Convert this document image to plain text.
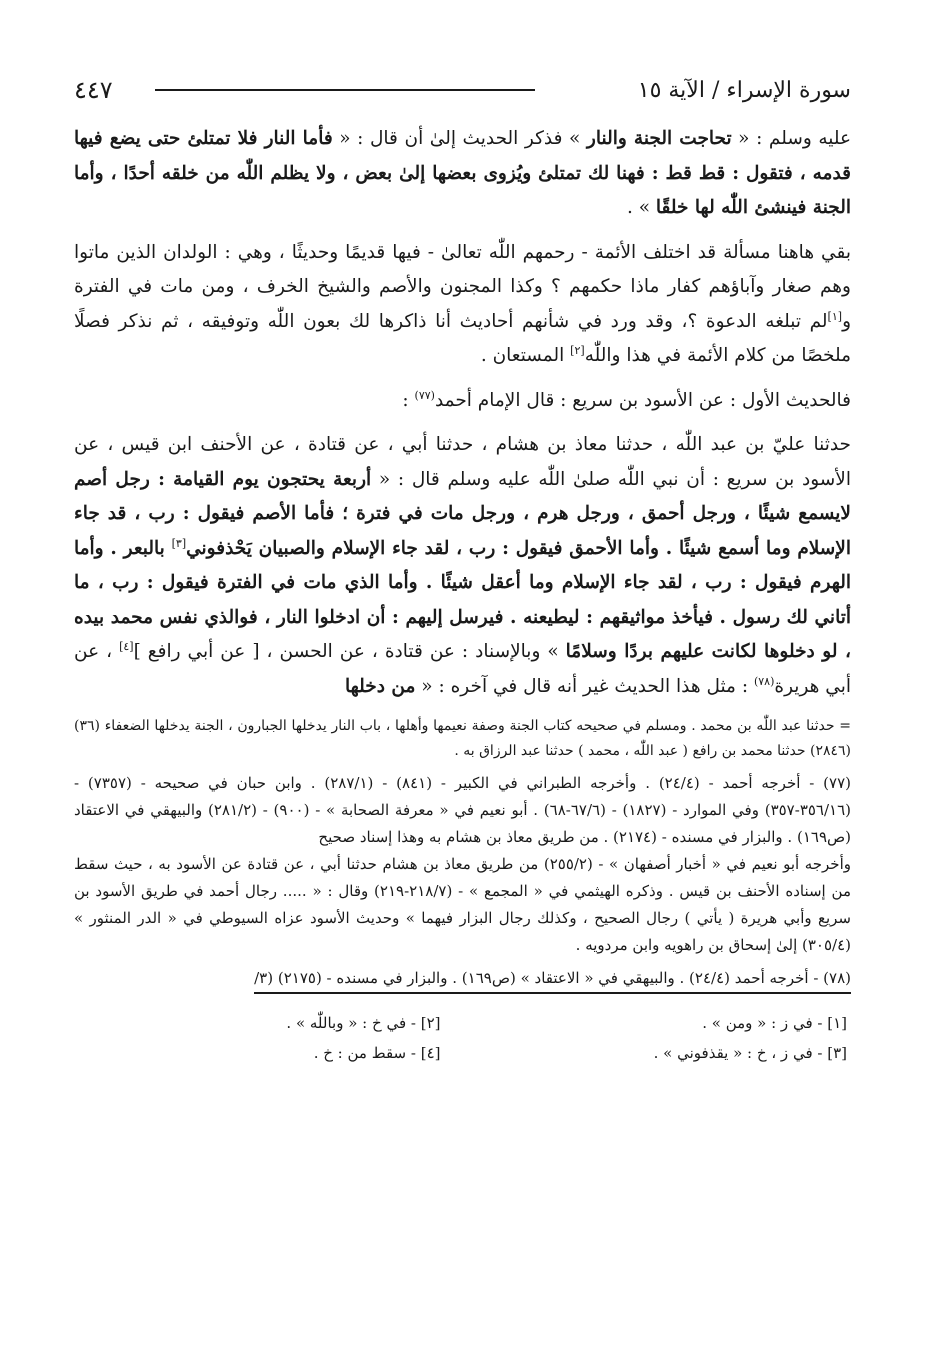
سورة الإسراء / الآية ١٥
٤٤٧

عليه وسلم : « تحاجت الجنة والنار » فذكر الحديث إلىٰ أن قال : « فأما النار فلا تمتلئ حتى يضع فيها قدمه ، فتقول : قط قط : فهنا لك تمتلئ ويُزوى بعضها إلىٰ بعض ، ولا يظلم اللّٰه من خلقه أحدًا ، وأما الجنة فينشئ اللّٰه لها خلقًا » .

بقي هاهنا مسألة قد اختلف الأئمة - رحمهم اللّٰه تعالىٰ - فيها قديمًا وحديثًا ، وهي : الولدان الذين ماتوا وهم صغار وآباؤهم كفار ماذا حكمهم ؟ وكذا المجنون والأصم والشيخ الخرف ، ومن مات في الفترة و[١]لم تبلغه الدعوة ؟، وقد ورد في شأنهم أحاديث أنا ذاكرها لك بعون اللّٰه وتوفيقه ، ثم نذكر فصلًا ملخصًا من كلام الأئمة في هذا واللّٰه[٢] المستعان .

فالحديث الأول : عن الأسود بن سريع : قال الإمام أحمد$^{(٧٧)}$ :

حدثنا عليّ بن عبد اللّٰه ، حدثنا معاذ بن هشام ، حدثنا أبي ، عن قتادة ، عن الأحنف ابن قيس ، عن الأسود بن سريع : أن نبي اللّٰه صلىٰ اللّٰه عليه وسلم قال : « أربعة يحتجون يوم القيامة : رجل أصم لايسمع شيئًا ، ورجل أحمق ، ورجل هرم ، ورجل مات في فترة ؛ فأما الأصم فيقول : رب ، قد جاء الإسلام وما أسمع شيئًا . وأما الأحمق فيقول : رب ، لقد جاء الإسلام والصبيان يَحْذفوني[٣] بالبعر . وأما الهرم فيقول : رب ، لقد جاء الإسلام وما أعقل شيئًا . وأما الذي مات في الفترة فيقول : رب ، ما أتاني لك رسول . فيأخذ مواثيقهم : ليطيعنه . فيرسل إليهم : أن ادخلوا النار ، فوالذي نفس محمد بيده ، لو دخلوها لكانت عليهم بردًا وسلامًا » وبالإسناد : عن قتادة ، عن الحسن ، [ عن أبي رافع ][٤] ، عن أبي هريرة$^{(٧٨)}$ : مثل هذا الحديث غير أنه قال في آخره : « من دخلها

= حدثنا عبد اللّٰه بن محمد . ومسلم في صحيحه كتاب الجنة وصفة نعيمها وأهلها ، باب النار يدخلها الجبارون ، الجنة يدخلها الضعفاء (٣٦) (٢٨٤٦) حدثنا محمد بن رافع ( عبد اللّٰه ، محمد ) حدثنا عبد الرزاق به .

(٧٧) - أخرجه أحمد - (٢٤/٤) . وأخرجه الطبراني في الكبير - (٨٤١) - (٢٨٧/١) . وابن حبان في صحيحه - (٧٣٥٧) - (٣٥٦/١٦-٣٥٧) وفي الموارد - (١٨٢٧) - (٦٧/٦-٦٨) . أبو نعيم في « معرفة الصحابة » - (٩٠٠) - (٢٨١/٢) والبيهقي في الاعتقاد (ص١٦٩) . والبزار في مسنده - (٢١٧٤) . من طريق معاذ بن هشام به وهذا إسناد صحيح

وأخرجه أبو نعيم في « أخبار أصفهان » - (٢٥٥/٢) من طريق معاذ بن هشام حدثنا أبي ، عن قتادة عن الأسود به ، حيث سقط من إسناده الأحنف بن قيس . وذكره الهيثمي في « المجمع » - (٢١٨/٧-٢١٩) وقال : « ..... رجال أحمد في طريق الأسود بن سريع وأبي هريرة ( يأتي ) رجال الصحيح ، وكذلك رجال البزار فيهما » وحديث الأسود عزاه السيوطي في « الدر المنثور » (٣٠٥/٤) إلىٰ إسحاق بن راهويه وابن مردويه .

(٧٨) - أخرجه أحمد (٢٤/٤) . والبيهقي في « الاعتقاد » (ص١٦٩) . والبزار في مسنده - (٢١٧٥) (٣/

[١] - في ز : « ومن » .
[٢] - في خ : « وباللّٰه » .
[٣] - في ز ، خ : « يقذفوني » .
[٤] - سقط من : خ .
